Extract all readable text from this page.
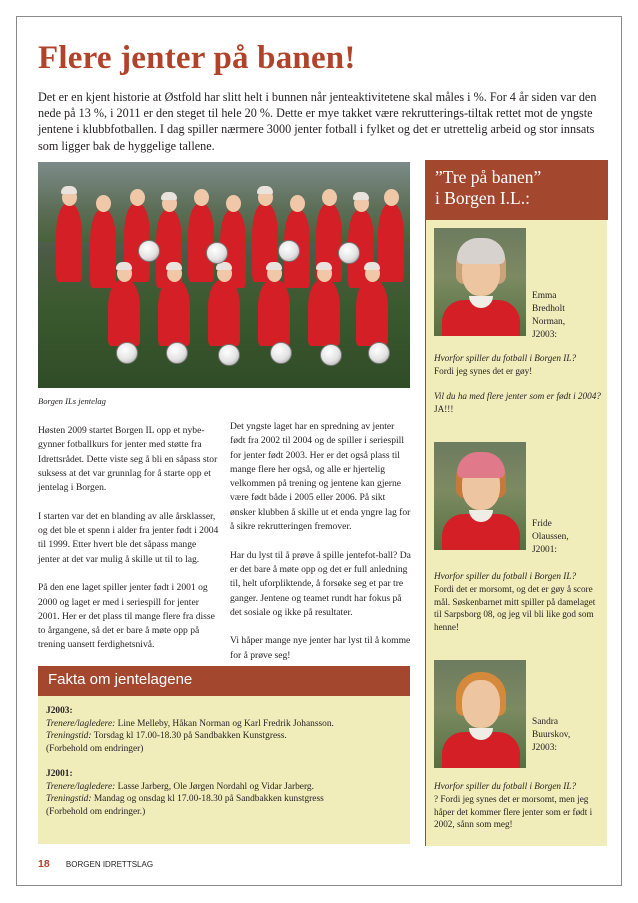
Flere jenter på banen!

Det er en kjent historie at Østfold har slitt helt i bunnen når jenteaktivitetene skal måles i %. For 4 år siden var den nede på 13 %, i 2011 er den steget til hele 20 %. Dette er mye takket være rekrutterings-tiltak rettet mot de yngste jentene i klubbfotballen. I dag spiller nærmere 3000 jenter fotball i fylket og det er utrettelig arbeid og stor innsats som ligger bak de hyggelige tallene.

Borgen ILs jentelag

Høsten 2009 startet Borgen IL opp et nybe-gynner fotballkurs for jenter med støtte fra Idrettsrådet. Dette viste seg å bli en såpass stor suksess at det var grunnlag for å starte opp et jentelag i Borgen.

I starten var det en blanding av alle årsklasser, og det ble et spenn i alder fra jenter født i 2004 til 1999. Etter hvert ble det såpass mange jenter at det var mulig å skille ut til to lag.

På den ene laget spiller jenter født i 2001 og 2000 og laget er med i seriespill for jenter 2001. Her er det plass til mange flere fra disse to årgangene, så det er bare å møte opp på trening uansett ferdighetsnivå.

Det yngste laget har en spredning av jenter født fra 2002 til 2004 og de spiller i seriespill for jenter født 2003. Her er det også plass til mange flere her også, og alle er hjertelig velkommen på trening og jentene kan gjerne være født både i 2005 eller 2006. På sikt ønsker klubben å skille ut et enda yngre lag for å sikre rekrutteringen fremover.

Har du lyst til å prøve å spille jentefot-ball? Da er det bare å møte opp og det er full anledning til, helt uforpliktende, å forsøke seg et par tre ganger. Jentene og teamet rundt har fokus på det sosiale og ikke på resultater.

Vi håper mange nye jenter har lyst til å komme for å prøve seg!

”Tre på banen”
i Borgen I.L.:
Emma
Bredholt
Norman,
J2003:
Hvorfor spiller du fotball i Borgen IL?
Fordi jeg synes det er gøy!
Vil du ha med flere jenter som er født i 2004?
JA!!!
Fride
Olaussen,
J2001:
Hvorfor spiller du fotball i Borgen IL?
Fordi det er morsomt, og det er gøy å score mål. Søskenbarnet mitt spiller på damelaget til Sarpsborg 08, og jeg vil bli like god som henne!
Sandra
Buurskov,
J2003:
Hvorfor spiller du fotball i Borgen IL?
? Fordi jeg synes det er morsomt, men jeg håper det kommer flere jenter som er født i 2002, sånn som meg!
Fakta om jentelagene
J2003:
Trenere/lagledere: Line Melleby, Håkan Norman og Karl Fredrik Johansson.
Treningstid: Torsdag kl 17.00-18.30 på Sandbakken Kunstgress.
(Forbehold om endringer)
J2001:
Trenere/lagledere: Lasse Jarberg, Ole Jørgen Nordahl og Vidar Jarberg.
Treningstid: Mandag og onsdag kl 17.00-18.30 på Sandbakken kunstgress
(Forbehold om endringer.)
18 BORGEN IDRETTSLAG
